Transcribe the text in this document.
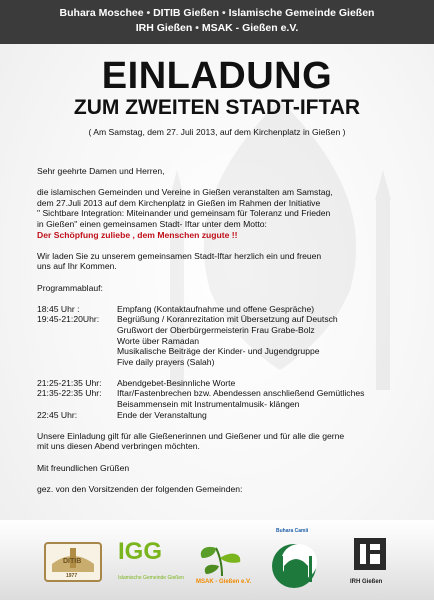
Buhara Moschee • DITIB Gießen • Islamische Gemeinde Gießen
IRH Gießen • MSAK - Gießen e.V.
EINLADUNG
ZUM ZWEITEN STADT-IFTAR
( Am Samstag, dem 27. Juli 2013, auf dem Kirchenplatz in Gießen )

Sehr geehrte Damen und Herren,

die islamischen Gemeinden und Vereine in Gießen veranstalten am Samstag,
dem 27.Juli 2013 auf dem Kirchenplatz in Gießen im Rahmen der Initiative
" Sichtbare Integration: Miteinander und gemeinsam für Toleranz und Frieden
in Gießen" einen gemeinsamen Stadt- Iftar unter dem Motto:
Der Schöpfung zuliebe , dem Menschen zugute !!

Wir laden Sie zu unserem gemeinsamen Stadt-Iftar herzlich ein und freuen
uns auf Ihr Kommen.

Programmablauf:

18:45 Uhr :	Empfang (Kontaktaufnahme und offene Gespräche)
19:45-21:20Uhr:	Begrüßung / Koranrezitation mit Übersetzung auf Deutsch
Grußwort der Oberbürgermeisterin Frau Grabe-Bolz
Worte über Ramadan
Musikalische Beiträge der Kinder- und Jugendgruppe
Five daily prayers (Salah)
21:25-21:35 Uhr:	Abendgebet-Besinnliche Worte
21:35-22:35 Uhr:	Iftar/Fastenbrechen bzw. Abendessen anschließend Gemütliches
Beisammensein mit Instrumentalmusik- klängen
22:45 Uhr:	Ende der Veranstaltung

Unsere Einladung gilt für alle Gießenerinnen und Gießener und für alle die gerne
mit uns diesen Abend verbringen möchten.

Mit freundlichen Grüßen

gez. von den Vorsitzenden der folgenden Gemeinden:

DITIB
1977
IGG
Islamische Gemeinde Gießen
MSAK - Gießen e.V.
Buhara Camii
IRH Gießen
